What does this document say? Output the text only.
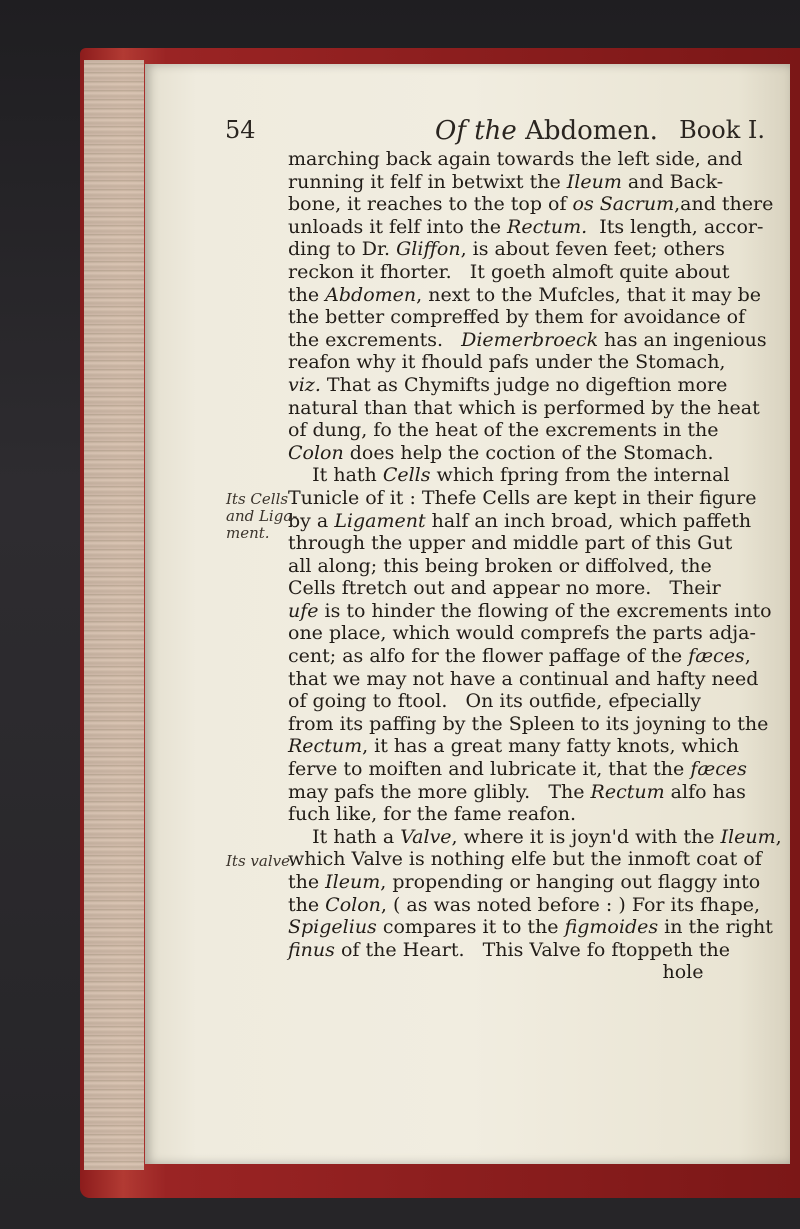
54	Of the Abdomen. Book I.
Its Cells
and Liga-
ment.
Its valve.
marching back again towards the left side, and
running it felf in betwixt the Ileum and Back-
bone, it reaches to the top of os Sacrum,and there
unloads it felf into the Rectum.  Its length, accor-
ding to Dr. Gliffon, is about feven feet; others
reckon it fhorter.   It goeth almoft quite about
the Abdomen, next to the Mufcles, that it may be
the better compreffed by them for avoidance of
the excrements.   Diemerbroeck has an ingenious
reafon why it fhould pafs under the Stomach,
viz. That as Chymifts judge no digeftion more
natural than that which is performed by the heat
of dung, fo the heat of the excrements in the
Colon does help the coction of the Stomach.
It hath Cells which fpring from the internal
Tunicle of it : Thefe Cells are kept in their figure
by a Ligament half an inch broad, which paffeth
through the upper and middle part of this Gut
all along; this being broken or diffolved, the
Cells ftretch out and appear no more.   Their
ufe is to hinder the flowing of the excrements into
one place, which would comprefs the parts adja-
cent; as alfo for the flower paffage of the fæces,
that we may not have a continual and hafty need
of going to ftool.   On its outfide, efpecially
from its paffing by the Spleen to its joyning to the
Rectum, it has a great many fatty knots, which
ferve to moiften and lubricate it, that the fæces
may pafs the more glibly.   The Rectum alfo has
fuch like, for the fame reafon.
It hath a Valve, where it is joyn'd with the Ileum,
which Valve is nothing elfe but the inmoft coat of
the Ileum, propending or hanging out flaggy into
the Colon, ( as was noted before : ) For its fhape,
Spigelius compares it to the figmoides in the right
finus of the Heart.   This Valve fo ftoppeth the
hole
